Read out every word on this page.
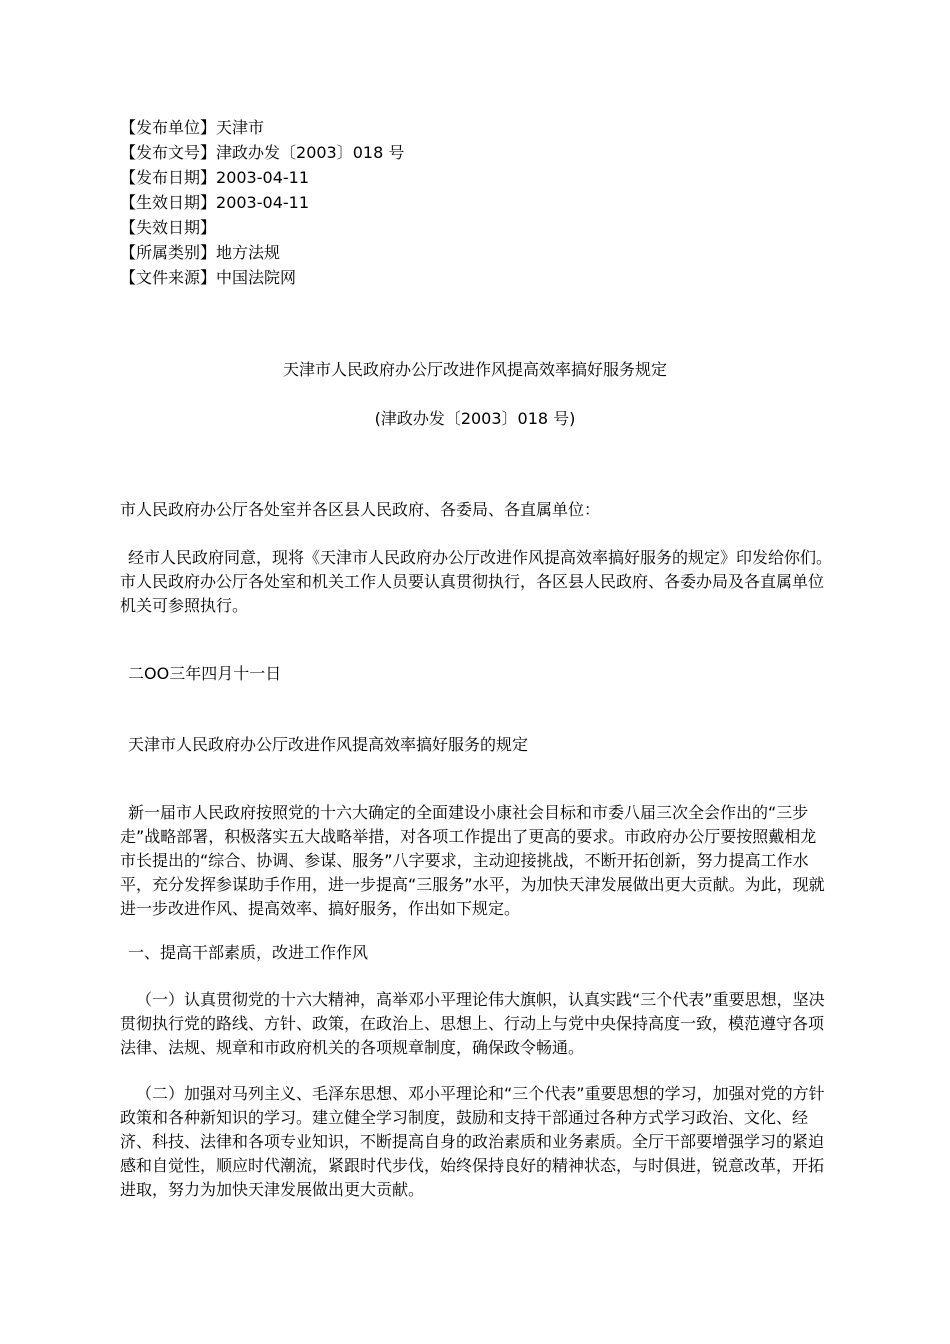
【发布单位】天津市
【发布文号】津政办发〔2003〕018 号
【发布日期】2003-04-11
【生效日期】2003-04-11
【失效日期】
【所属类别】地方法规
【文件来源】中国法院网
天津市人民政府办公厅改进作风提高效率搞好服务规定
(津政办发〔2003〕018 号)
市人民政府办公厅各处室并各区县人民政府、各委局、各直属单位：
经市人民政府同意，现将《天津市人民政府办公厅改进作风提高效率搞好服务的规定》印发给你们。市人民政府办公厅各处室和机关工作人员要认真贯彻执行，各区县人民政府、各委办局及各直属单位机关可参照执行。
二OO三年四月十一日
天津市人民政府办公厅改进作风提高效率搞好服务的规定
新一届市人民政府按照党的十六大确定的全面建设小康社会目标和市委八届三次全会作出的“三步走”战略部署，积极落实五大战略举措，对各项工作提出了更高的要求。市政府办公厅要按照戴相龙市长提出的“综合、协调、参谋、服务”八字要求，主动迎接挑战，不断开拓创新，努力提高工作水平，充分发挥参谋助手作用，进一步提高“三服务”水平，为加快天津发展做出更大贡献。为此，现就进一步改进作风、提高效率、搞好服务，作出如下规定。
一、提高干部素质，改进工作作风
（一）认真贯彻党的十六大精神，高举邓小平理论伟大旗帜，认真实践“三个代表”重要思想，坚决贯彻执行党的路线、方针、政策，在政治上、思想上、行动上与党中央保持高度一致，模范遵守各项法律、法规、规章和市政府机关的各项规章制度，确保政令畅通。
（二）加强对马列主义、毛泽东思想、邓小平理论和“三个代表”重要思想的学习，加强对党的方针政策和各种新知识的学习。建立健全学习制度，鼓励和支持干部通过各种方式学习政治、文化、经济、科技、法律和各项专业知识，不断提高自身的政治素质和业务素质。全厅干部要增强学习的紧迫感和自觉性，顺应时代潮流，紧跟时代步伐，始终保持良好的精神状态，与时俱进，锐意改革，开拓进取，努力为加快天津发展做出更大贡献。
